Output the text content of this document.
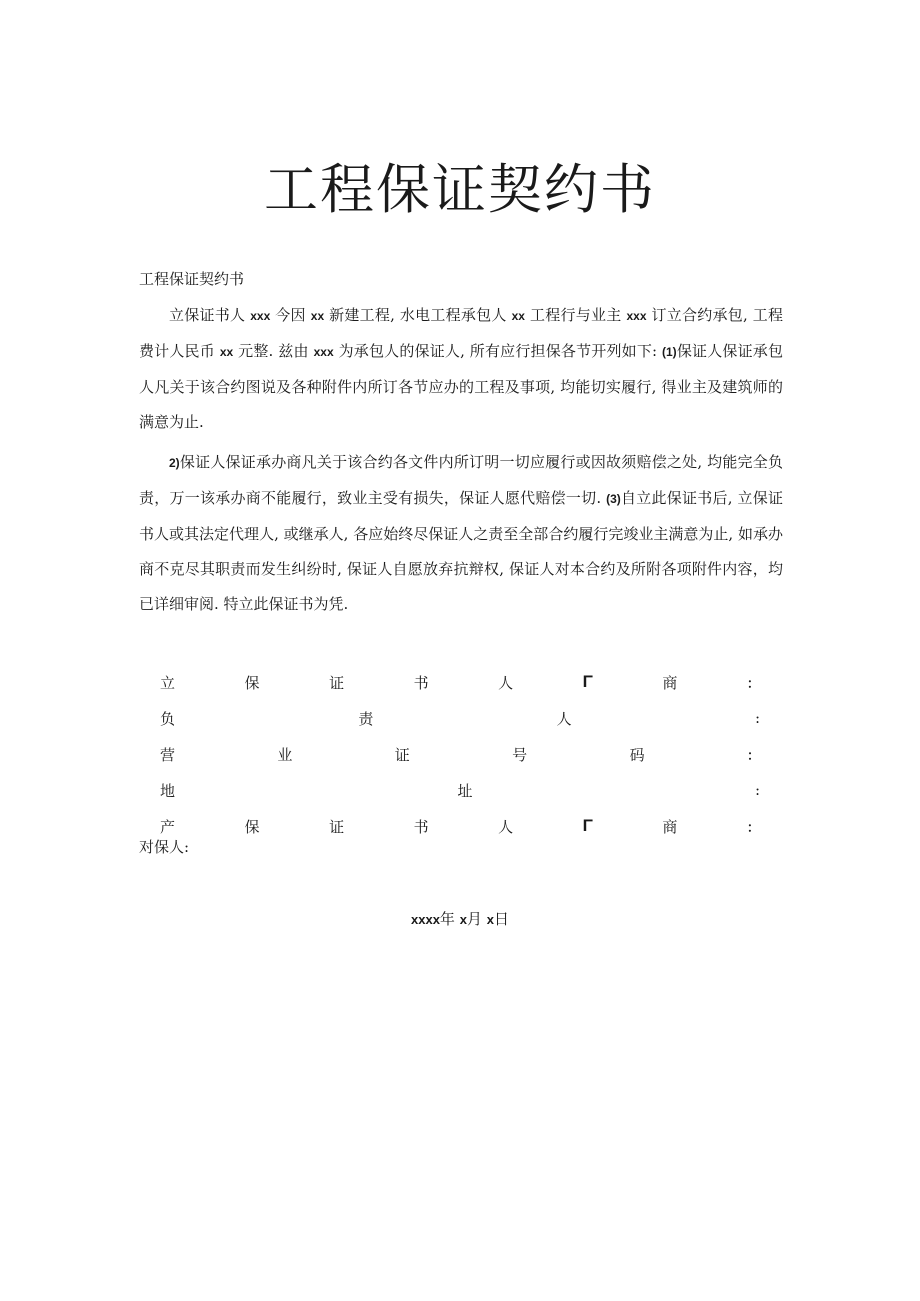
工程保证契约书
工程保证契约书

立保证书人 xxx 今因 xx 新建工程, 水电工程承包人 xx 工程行与业主 xxx 订立合约承包, 工程费计人民币 xx 元整. 兹由 xxx 为承包人的保证人, 所有应行担保各节开列如下: (1)保证人保证承包人凡关于该合约图说及各种附件内所订各节应办的工程及事项, 均能切实履行, 得业主及建筑师的满意为止.

2)保证人保证承办商凡关于该合约各文件内所订明一切应履行或因故须赔偿之处, 均能完全负责，万一该承办商不能履行，致业主受有损失，保证人愿代赔偿一切. (3)自立此保证书后, 立保证书人或其法定代理人, 或继承人, 各应始终尽保证人之责至全部合约履行完竣业主满意为止, 如承办商不克尽其职责而发生纠纷时, 保证人自愿放弃抗辩权, 保证人对本合约及所附各项附件内容，均已详细审阅. 特立此保证书为凭.

立	保	证	书	人	Γ	商	：
负	责	人	:
营	业	证	号	码	：
地	址	:
产	保	证	书	人	Γ	商	：
对保人:
xxxx年 x月 x日
